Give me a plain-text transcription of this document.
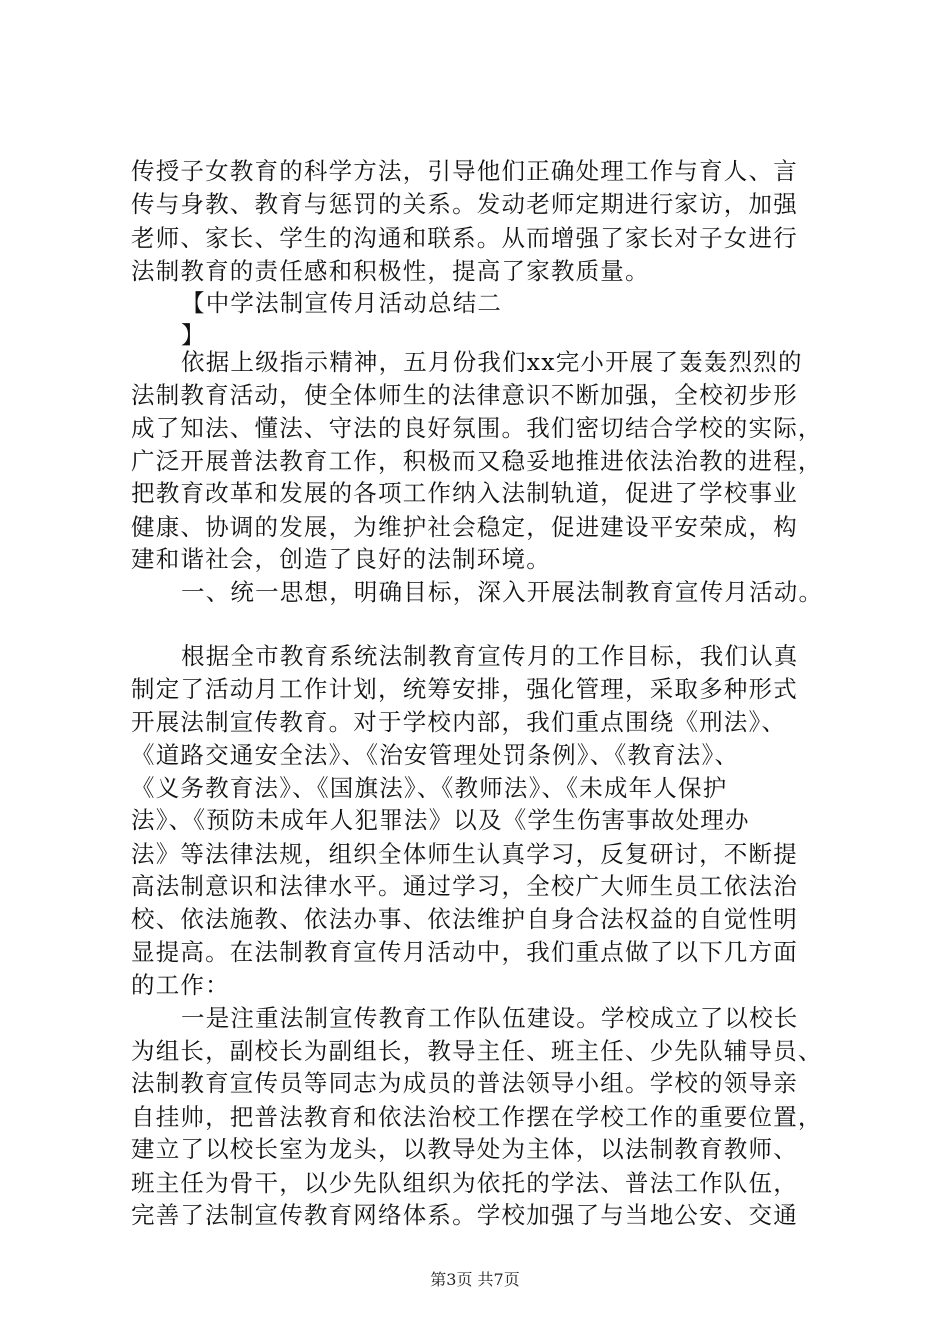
传授子女教育的科学方法，引导他们正确处理工作与育人、言
传与身教、教育与惩罚的关系。发动老师定期进行家访，加强
老师、家长、学生的沟通和联系。从而增强了家长对子女进行
法制教育的责任感和积极性，提高了家教质量。
【中学法制宣传月活动总结二
】
依据上级指示精神，五月份我们xx完小开展了轰轰烈烈的
法制教育活动，使全体师生的法律意识不断加强，全校初步形
成了知法、懂法、守法的良好氛围。我们密切结合学校的实际，
广泛开展普法教育工作，积极而又稳妥地推进依法治教的进程，
把教育改革和发展的各项工作纳入法制轨道，促进了学校事业
健康、协调的发展，为维护社会稳定，促进建设平安荣成，构
建和谐社会，创造了良好的法制环境。
一、统一思想，明确目标，深入开展法制教育宣传月活动。
根据全市教育系统法制教育宣传月的工作目标，我们认真
制定了活动月工作计划，统筹安排，强化管理，采取多种形式
开展法制宣传教育。对于学校内部，我们重点围绕《刑法》、
《道路交通安全法》、《治安管理处罚条例》、《教育法》、
《义务教育法》、《国旗法》、《教师法》、《未成年人保护
法》、《预防未成年人犯罪法》以及《学生伤害事故处理办
法》等法律法规，组织全体师生认真学习，反复研讨，不断提
高法制意识和法律水平。通过学习，全校广大师生员工依法治
校、依法施教、依法办事、依法维护自身合法权益的自觉性明
显提高。在法制教育宣传月活动中，我们重点做了以下几方面
的工作：
一是注重法制宣传教育工作队伍建设。学校成立了以校长
为组长，副校长为副组长，教导主任、班主任、少先队辅导员、
法制教育宣传员等同志为成员的普法领导小组。学校的领导亲
自挂帅，把普法教育和依法治校工作摆在学校工作的重要位置，
建立了以校长室为龙头，以教导处为主体，以法制教育教师、
班主任为骨干，以少先队组织为依托的学法、普法工作队伍，
完善了法制宣传教育网络体系。学校加强了与当地公安、交通
第3页 共7页
